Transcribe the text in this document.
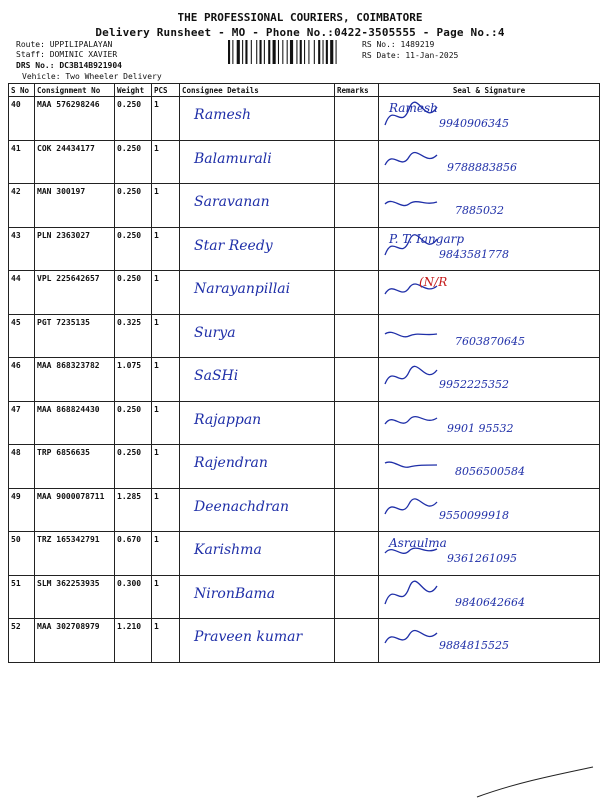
THE PROFESSIONAL COURIERS, COIMBATORE
Delivery Runsheet - MO - Phone No.:0422-3505555 - Page No.:4
Route: UPPILIPALAYAN
Staff: DOMINIC XAVIER
DRS No.: DC3B14B921904
Vehicle: Two Wheeler Delivery
RS No.: 1489219
RS Date: 11-Jan-2025
S No	Consignment No	Weight	PCS	Consignee Details	Remarks	Seal & Signature
40	MAA 576298246	0.250	1	Ramesh		Ramesh
9940906345

41	COK 24434177	0.250	1	Balamurali		9788883856

42	MAN 300197	0.250	1	Saravanan		7885032

43	PLN 2363027	0.250	1	Star Reedy		P. T. Iangarp
9843581778

44	VPL 225642657	0.250	1	Narayanpillai		(N/R

45	PGT 7235135	0.325	1	Surya		7603870645

46	MAA 868323782	1.075	1	SaSHi		9952225352

47	MAA 868824430	0.250	1	Rajappan		9901 95532

48	TRP 6856635	0.250	1	Rajendran		8056500584

49	MAA 9000078711	1.285	1	Deenachdran		9550099918

50	TRZ 165342791	0.670	1	Karishma		Asraulma
9361261095

51	SLM 362253935	0.300	1	NironBama		9840642664

52	MAA 302708979	1.210	1	Praveen kumar		9884815525
